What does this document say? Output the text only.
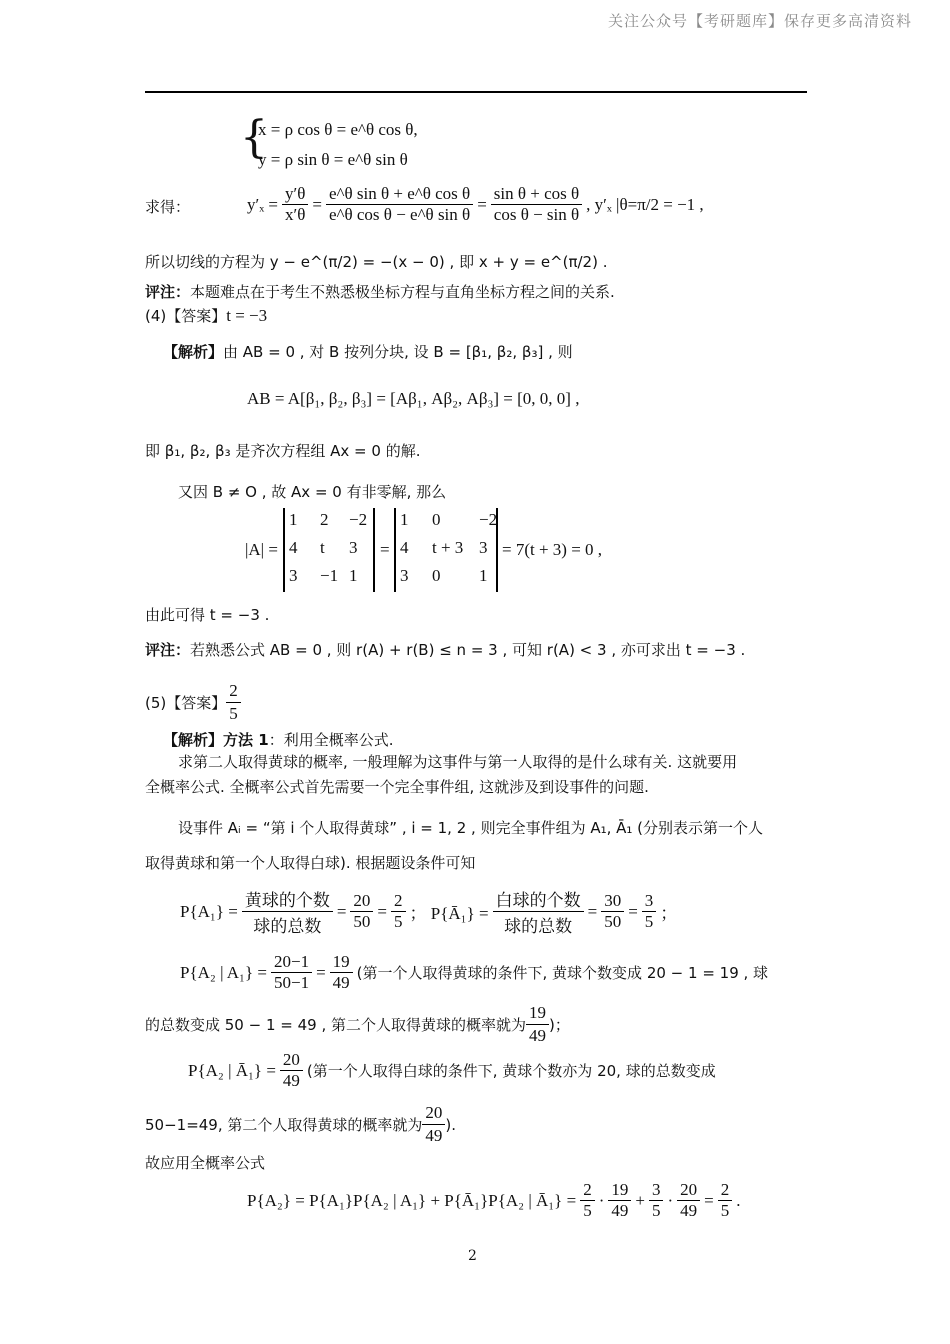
关注公众号【考研题库】保存更多高清资料
{
x = ρ cos θ = e^θ cos θ,
y = ρ sin θ = e^θ sin θ
求得：	$y'_x = \frac{y'\theta}{x'\theta} = \frac{\text{e\textasciicircum{}θ sin θ + e\textasciicircum{}θ cos θ}}{\text{e\textasciicircum{}θ cos θ − e\textasciicircum{}θ sin θ}} = \frac{\text{sin θ + cos θ}}{\text{cos θ − sin θ}}$ , y′ₓ |θ=π/2 = −1 ,
所以切线的方程为 y − e^(π/2) = −(x − 0) , 即 x + y = e^(π/2) .
评注：本题难点在于考生不熟悉极坐标方程与直角坐标方程之间的关系.
(4)【答案】t = −3
【解析】由 AB = 0 , 对 B 按列分块, 设 B = [β₁, β₂, β₃] , 则
AB = A[β₁, β₂, β₃] = [Aβ₁, Aβ₂, Aβ₃] = [0, 0, 0] ,
即 β₁, β₂, β₃ 是齐次方程组 Ax = 0 的解.
又因 B ≠ O , 故 Ax = 0 有非零解, 那么
|A| =
1 2 −2
4 t 3
3 −1 1
=
1 0 −2
4 t + 3 3
3 0 1
= 7(t + 3) = 0 ,
由此可得 t = −3 .
评注：若熟悉公式 AB = 0 , 则 r(A) + r(B) ≤ n = 3 , 可知 r(A) < 3 , 亦可求出 t = −3 .
(5)【答案】 $\frac{2}{5}$
【解析】方法 1：利用全概率公式.
求第二人取得黄球的概率, 一般理解为这事件与第一人取得的是什么球有关. 这就要用
全概率公式. 全概率公式首先需要一个完全事件组, 这就涉及到设事件的问题.
设事件 Aᵢ = “第 i 个人取得黄球” , i = 1, 2 , 则完全事件组为 A₁, Ā₁ (分别表示第一个人
取得黄球和第一个人取得白球). 根据题设条件可知
$P\{A_1\} = \frac{\text{黄球的个数}}{\text{球的总数}} = \frac{20}{50} = \frac{2}{5}$ ； P{Ā₁} = $\frac{\text{白球的个数}}{\text{球的总数}} = \frac{30}{50} = \frac{3}{5}$ ；
P{A₂ | $A_1\} = \frac{20-1}{50-1} = \frac{19}{49}$ (第一个人取得黄球的条件下, 黄球个数变成 20 − 1 = 19 , 球
的总数变成 50 − 1 = 49 , 第二个人取得黄球的概率就为 $\frac{19}{49}$ )；
P{A₂ | Ā₁} = $\frac{20}{49}$ (第一个人取得白球的条件下, 黄球个数亦为 20, 球的总数变成
50−1=49, 第二个人取得黄球的概率就为 $\frac{20}{49}$ ).
故应用全概率公式
P{A₂} = P{A₁}P{A₂ | A₁} + P{Ā₁}P{A₂ | Ā₁} = $\frac{2}{5} \cdot \frac{19}{49} + \frac{3}{5} \cdot \frac{20}{49} = \frac{2}{5}$ .
2
